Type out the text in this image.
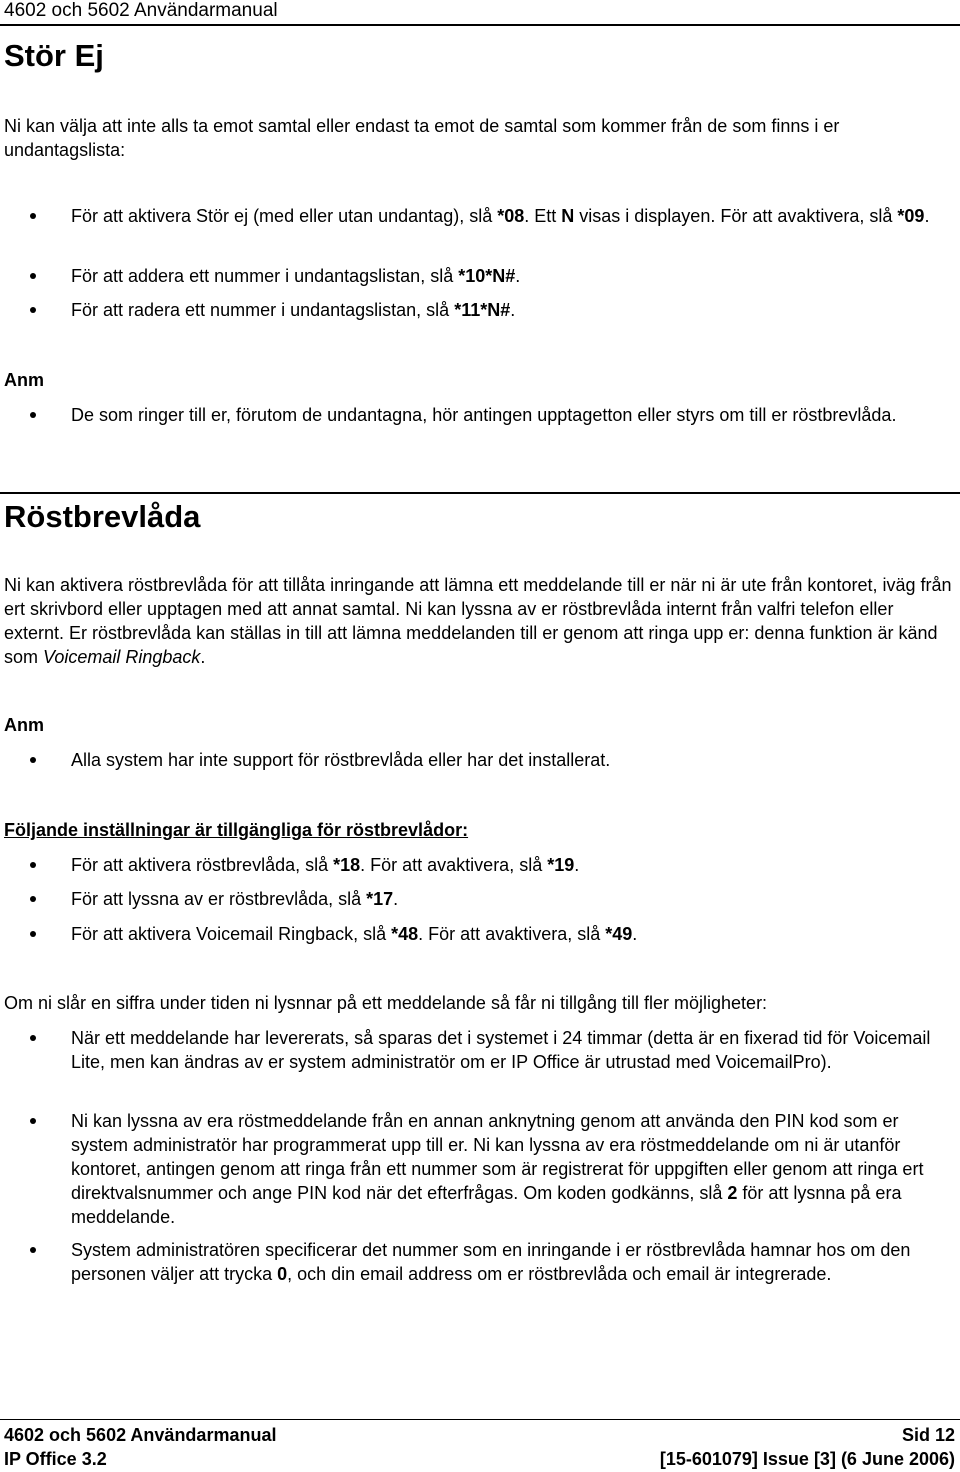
4602 och 5602 Användarmanual
Stör Ej

Ni kan välja att inte alls ta emot samtal eller endast ta emot de samtal som kommer från de som finns i er undantagslista:

För att aktivera Stör ej (med eller utan undantag), slå *08. Ett N visas i displayen. För att avaktivera, slå *09.
För att addera ett nummer i undantagslistan, slå *10*N#.
För att radera ett nummer i undantagslistan, slå *11*N#.

Anm

De som ringer till er, förutom de undantagna, hör antingen upptagetton eller styrs om till er röstbrevlåda.
Röstbrevlåda

Ni kan aktivera röstbrevlåda för att tillåta inringande att lämna ett meddelande till er när ni är ute från kontoret, iväg från ert skrivbord eller upptagen med att annat samtal. Ni kan lyssna av er röstbrevlåda internt från valfri telefon eller externt. Er röstbrevlåda kan ställas in till att lämna meddelanden till er genom att ringa upp er: denna funktion är känd som Voicemail Ringback.

Anm

Alla system har inte support för röstbrevlåda eller har det installerat.

Följande inställningar är tillgängliga för röstbrevlådor:

För att aktivera röstbrevlåda, slå *18. För att avaktivera, slå *19.
För att lyssna av er röstbrevlåda, slå *17.
För att aktivera Voicemail Ringback, slå *48. För att avaktivera, slå *49.

Om ni slår en siffra under tiden ni lysnnar på ett meddelande så får ni tillgång till fler möjligheter:

När ett meddelande har levererats, så sparas det i systemet i 24 timmar (detta är en fixerad tid för Voicemail Lite, men kan ändras av er system administratör om er IP Office är utrustad med VoicemailPro).
Ni kan lyssna av era röstmeddelande från en annan anknytning genom att använda den PIN kod som er system administratör har programmerat upp till er. Ni kan lyssna av era röstmeddelande om ni är utanför kontoret, antingen genom att ringa från ett nummer som är registrerat för uppgiften eller genom att ringa ert direktvalsnummer och ange PIN kod när det efterfrågas. Om koden godkänns, slå 2 för att lysnna på era meddelande.
System administratören specificerar det nummer som en inringande i er röstbrevlåda hamnar hos om den personen väljer att trycka 0, och din email address om er röstbrevlåda och email är integrerade.
4602 och 5602 Användarmanual
IP Office 3.2
Sid 12
[15-601079] Issue [3] (6 June 2006)
